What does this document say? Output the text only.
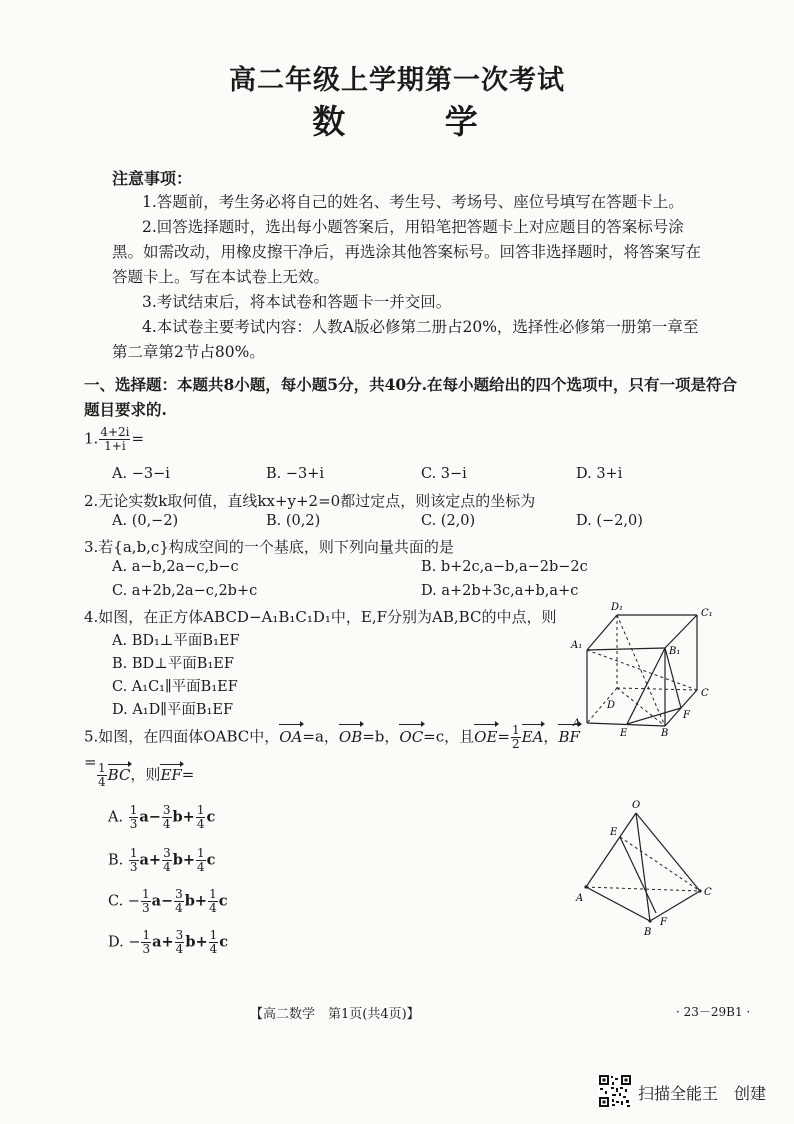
高二年级上学期第一次考试
数 学
注意事项：
1.答题前，考生务必将自己的姓名、考生号、考场号、座位号填写在答题卡上。
2.回答选择题时，选出每小题答案后，用铅笔把答题卡上对应题目的答案标号涂黑。如需改动，用橡皮擦干净后，再选涂其他答案标号。回答非选择题时，将答案写在答题卡上。写在本试卷上无效。
3.考试结束后，将本试卷和答题卡一并交回。
4.本试卷主要考试内容：人教A版必修第二册占20%，选择性必修第一册第一章至第二章第2节占80%。
一、选择题：本题共8小题，每小题5分，共40分.在每小题给出的四个选项中，只有一项是符合题目要求的.
1. $\frac{4+2i}{1+i}$ =
A. −3−i	B. −3+i	C. 3−i	D. 3+i
2.无论实数k取何值，直线kx+y+2=0都过定点，则该定点的坐标为
A. (0,−2)	B. (0,2)	C. (2,0)	D. (−2,0)
3.若{a,b,c}构成空间的一个基底，则下列向量共面的是
A. a−b,2a−c,b−c	B. b+2c,a−b,a−2b−2c
C. a+2b,2a−c,2b+c	D. a+2b+3c,a+b,a+c
4.如图，在正方体ABCD−A₁B₁C₁D₁中，E,F分别为AB,BC的中点，则
A. BD₁⊥平面B₁EF
B. BD⊥平面B₁EF
C. A₁C₁∥平面B₁EF
D. A₁D∥平面B₁EF
D₁
C₁
A₁
B₁
D
C
A
E	B
F
5.如图，在四面体OABC中，OA=a，OB=b，OC=c，且$OE= \frac{1}{2}$ EA，$BF= \frac{1}{4}$ BC，则EF=
A. $\frac{1}{3} a- \frac{3}{4} b+ \frac{1}{4}$ c
B. $\frac{1}{3} a+ \frac{3}{4} b+ \frac{1}{4}$ c
C. − $\frac{1}{3} a- \frac{3}{4} b+ \frac{1}{4}$ c
D. − $\frac{1}{3} a+ \frac{3}{4} b+ \frac{1}{4}$ c
O
E
A
C
B
F
【高二数学　第1页(共4页)】	· 23－29B1 ·
扫描全能王　创建
